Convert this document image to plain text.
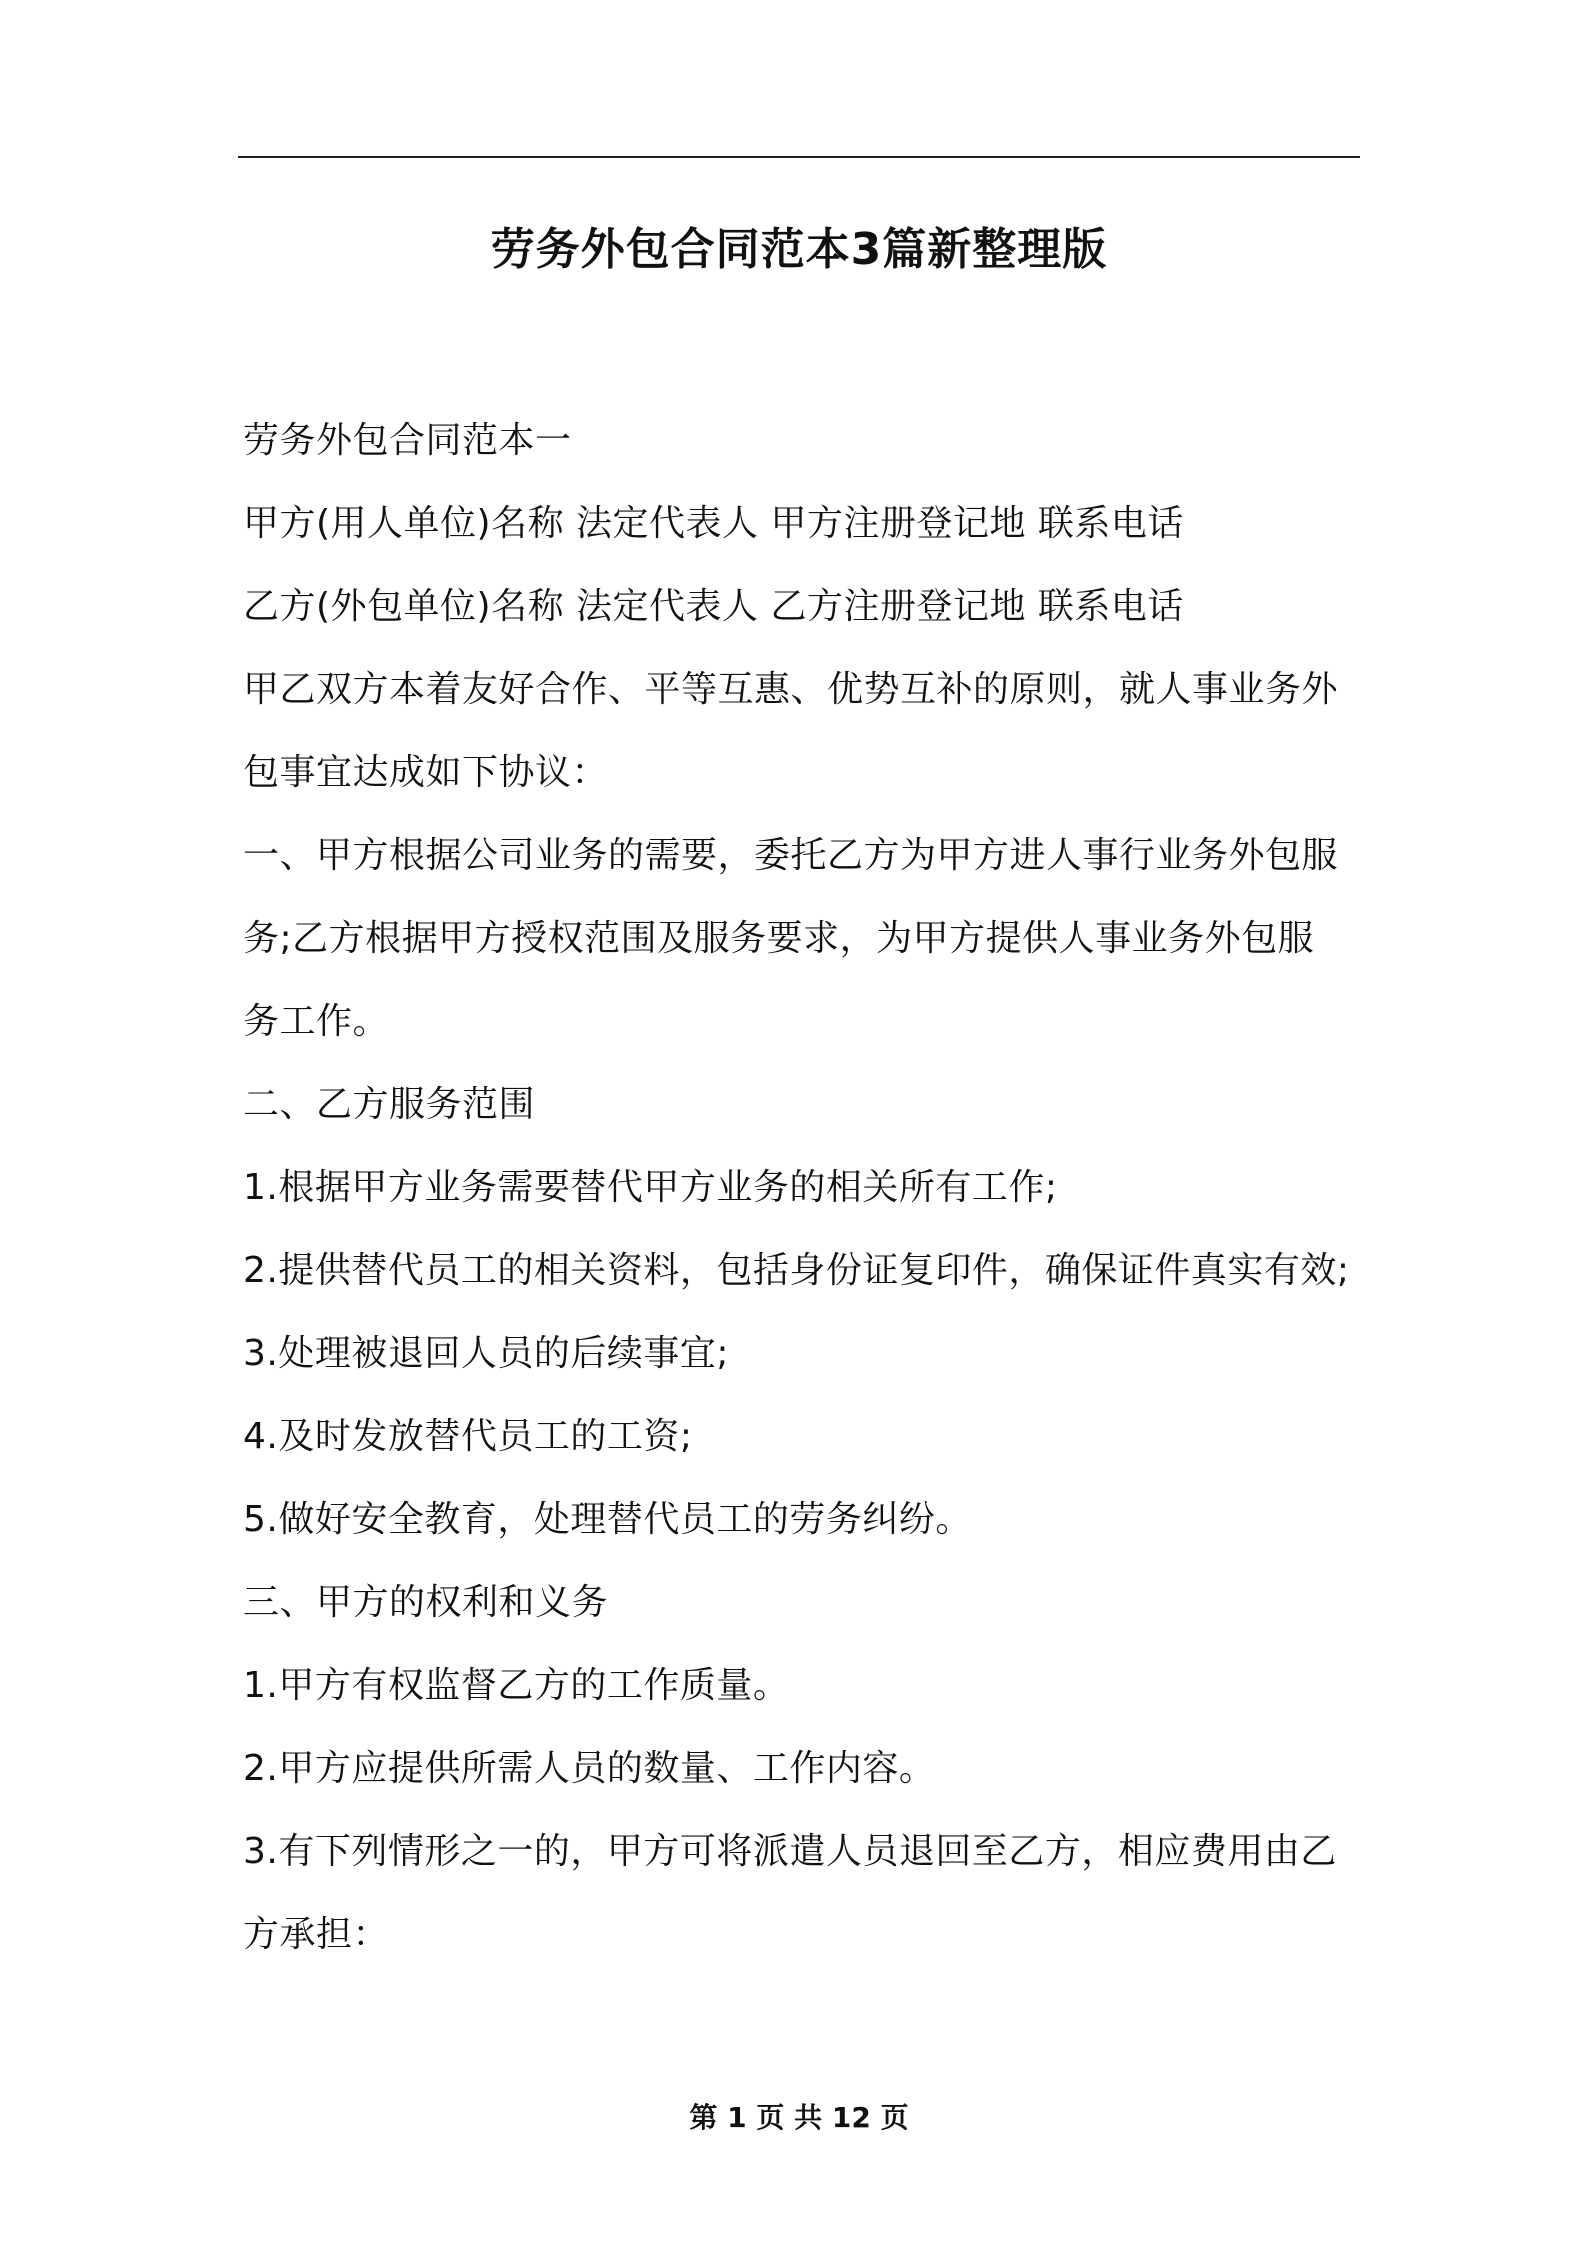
劳务外包合同范本3篇新整理版
劳务外包合同范本一
甲方(用人单位)名称 法定代表人 甲方注册登记地 联系电话
乙方(外包单位)名称 法定代表人 乙方注册登记地 联系电话
甲乙双方本着友好合作、平等互惠、优势互补的原则，就人事业务外
包事宜达成如下协议：
一、甲方根据公司业务的需要，委托乙方为甲方进人事行业务外包服
务;乙方根据甲方授权范围及服务要求，为甲方提供人事业务外包服
务工作。
二、乙方服务范围
1.根据甲方业务需要替代甲方业务的相关所有工作;
2.提供替代员工的相关资料，包括身份证复印件，确保证件真实有效;
3.处理被退回人员的后续事宜;
4.及时发放替代员工的工资;
5.做好安全教育，处理替代员工的劳务纠纷。
三、甲方的权利和义务
1.甲方有权监督乙方的工作质量。
2.甲方应提供所需人员的数量、工作内容。
3.有下列情形之一的，甲方可将派遣人员退回至乙方，相应费用由乙
方承担：
第 1 页 共 12 页
